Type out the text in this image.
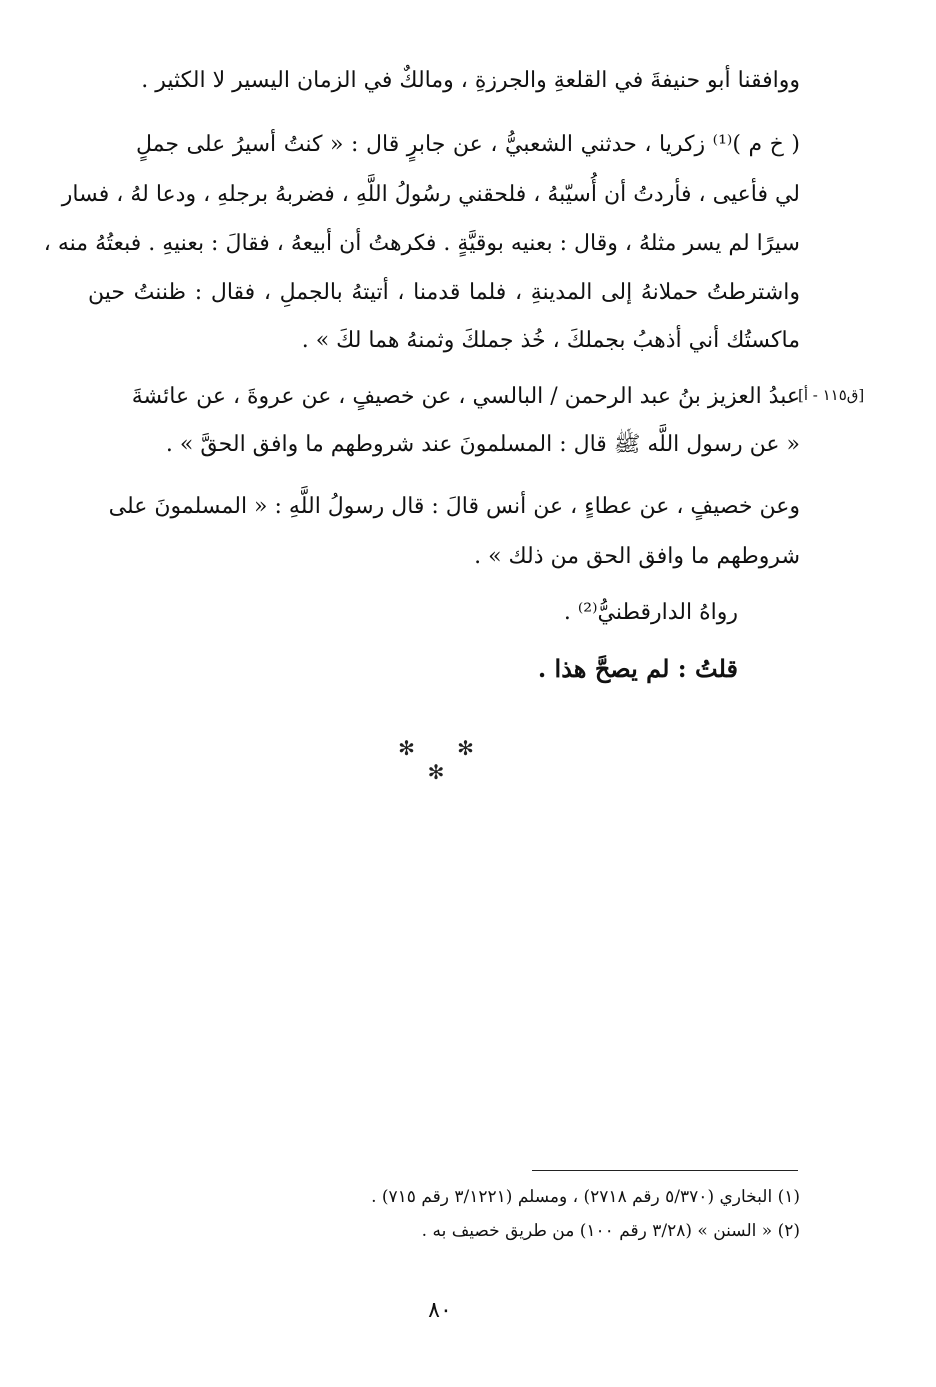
ووافقنا أبو حنيفةَ في القلعةِ والجرزةِ ، ومالكٌ في الزمان اليسير لا الكثير .
( خ م )⁽¹⁾ زكريا ، حدثني الشعبيُّ ، عن جابرٍ قال : « كنتُ أسيرُ على جملٍ
لي فأعيى ، فأردتُ أن أُسيّبهُ ، فلحقني رسُولُ اللَّهِ ، فضربهُ برجلهِ ، ودعا لهُ ، فسار
سيرًا لم يسر مثلهُ ، وقال : بعنيه بوقيَّةٍ . فكرهتُ أن أبيعهُ ، فقالَ : بعنيهِ . فبعتُهُ منه ،
واشترطتُ حملانهُ إلى المدينةِ ، فلما قدمنا ، أتيتهُ بالجملِ ، فقال : ظننتُ حين
ماكستُك أني أذهبُ بجملكَ ، خُذ جملكَ وثمنهُ هما لكَ » .
[ق١١٥ - أ]
عبدُ العزيز بنُ عبد الرحمن / البالسي ، عن خصيفٍ ، عن عروةَ ، عن عائشةَ
« عن رسول اللَّه ﷺ قال : المسلمونَ عند شروطهم ما وافق الحقَّ » .
وعن خصيفٍ ، عن عطاءٍ ، عن أنس قالَ : قال رسولُ اللَّهِ : « المسلمونَ على
شروطهم ما وافق الحق من ذلك » .
رواهُ الدارقطنيُّ⁽²⁾ .
قلتُ : لم يصحَّ هذا .
✻ ✻ ✻
(١) البخاري (٥/٣٧٠ رقم ٢٧١٨) ، ومسلم (٣/١٢٢١ رقم ٧١٥) .
(٢) « السنن » (٣/٢٨ رقم ١٠٠) من طريق خصيف به .
٨٠
